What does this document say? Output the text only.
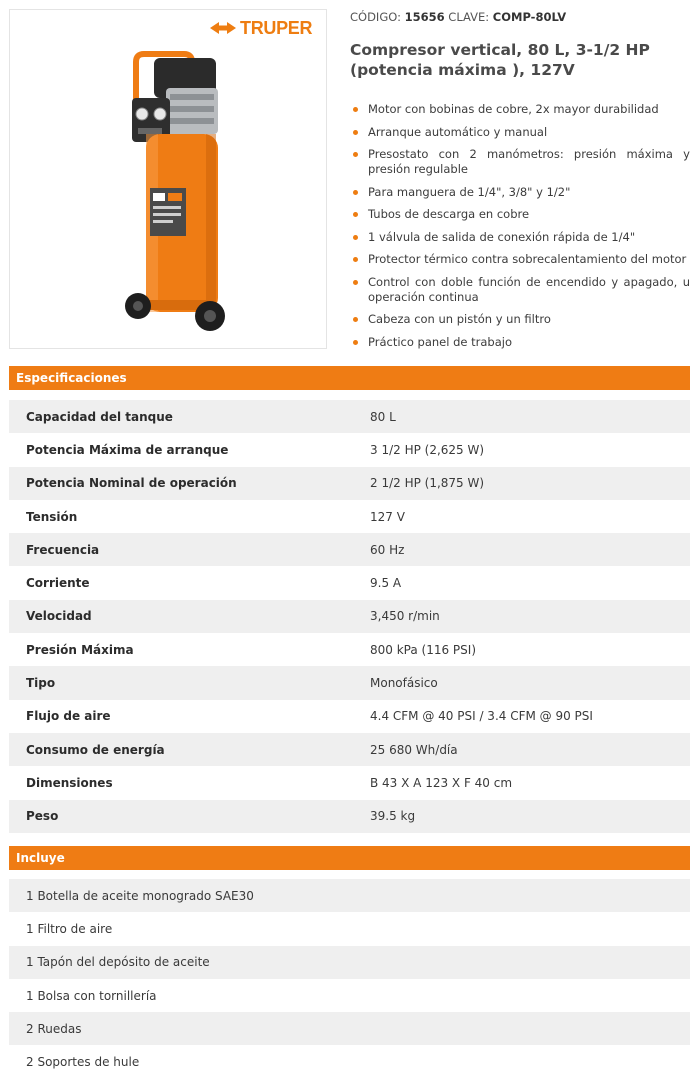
TRUPER
CÓDIGO: 15656 CLAVE: COMP-80LV
Compresor vertical, 80 L, 3-1/2 HP (potencia máxima ), 127V
Motor con bobinas de cobre, 2x mayor durabilidad
Arranque automático y manual
Presostato con 2 manómetros: presión máxima y presión regulable
Para manguera de 1/4", 3/8" y 1/2"
Tubos de descarga en cobre
1 válvula de salida de conexión rápida de 1/4"
Protector térmico contra sobrecalentamiento del motor
Control con doble función de encendido y apagado, u operación continua
Cabeza con un pistón y un filtro
Práctico panel de trabajo
Especificaciones
Capacidad del tanque	80 L
Potencia Máxima de arranque	3 1/2 HP (2,625 W)
Potencia Nominal de operación	2 1/2 HP (1,875 W)
Tensión	127 V
Frecuencia	60 Hz
Corriente	9.5 A
Velocidad	3,450 r/min
Presión Máxima	800 kPa (116 PSI)
Tipo	Monofásico
Flujo de aire	4.4 CFM @ 40 PSI / 3.4 CFM @ 90 PSI
Consumo de energía	25 680 Wh/día
Dimensiones	B 43 X A 123 X F 40 cm
Peso	39.5 kg
Incluye
1 Botella de aceite monogrado SAE30
1 Filtro de aire
1 Tapón del depósito de aceite
1 Bolsa con tornillería
2 Ruedas
2 Soportes de hule
